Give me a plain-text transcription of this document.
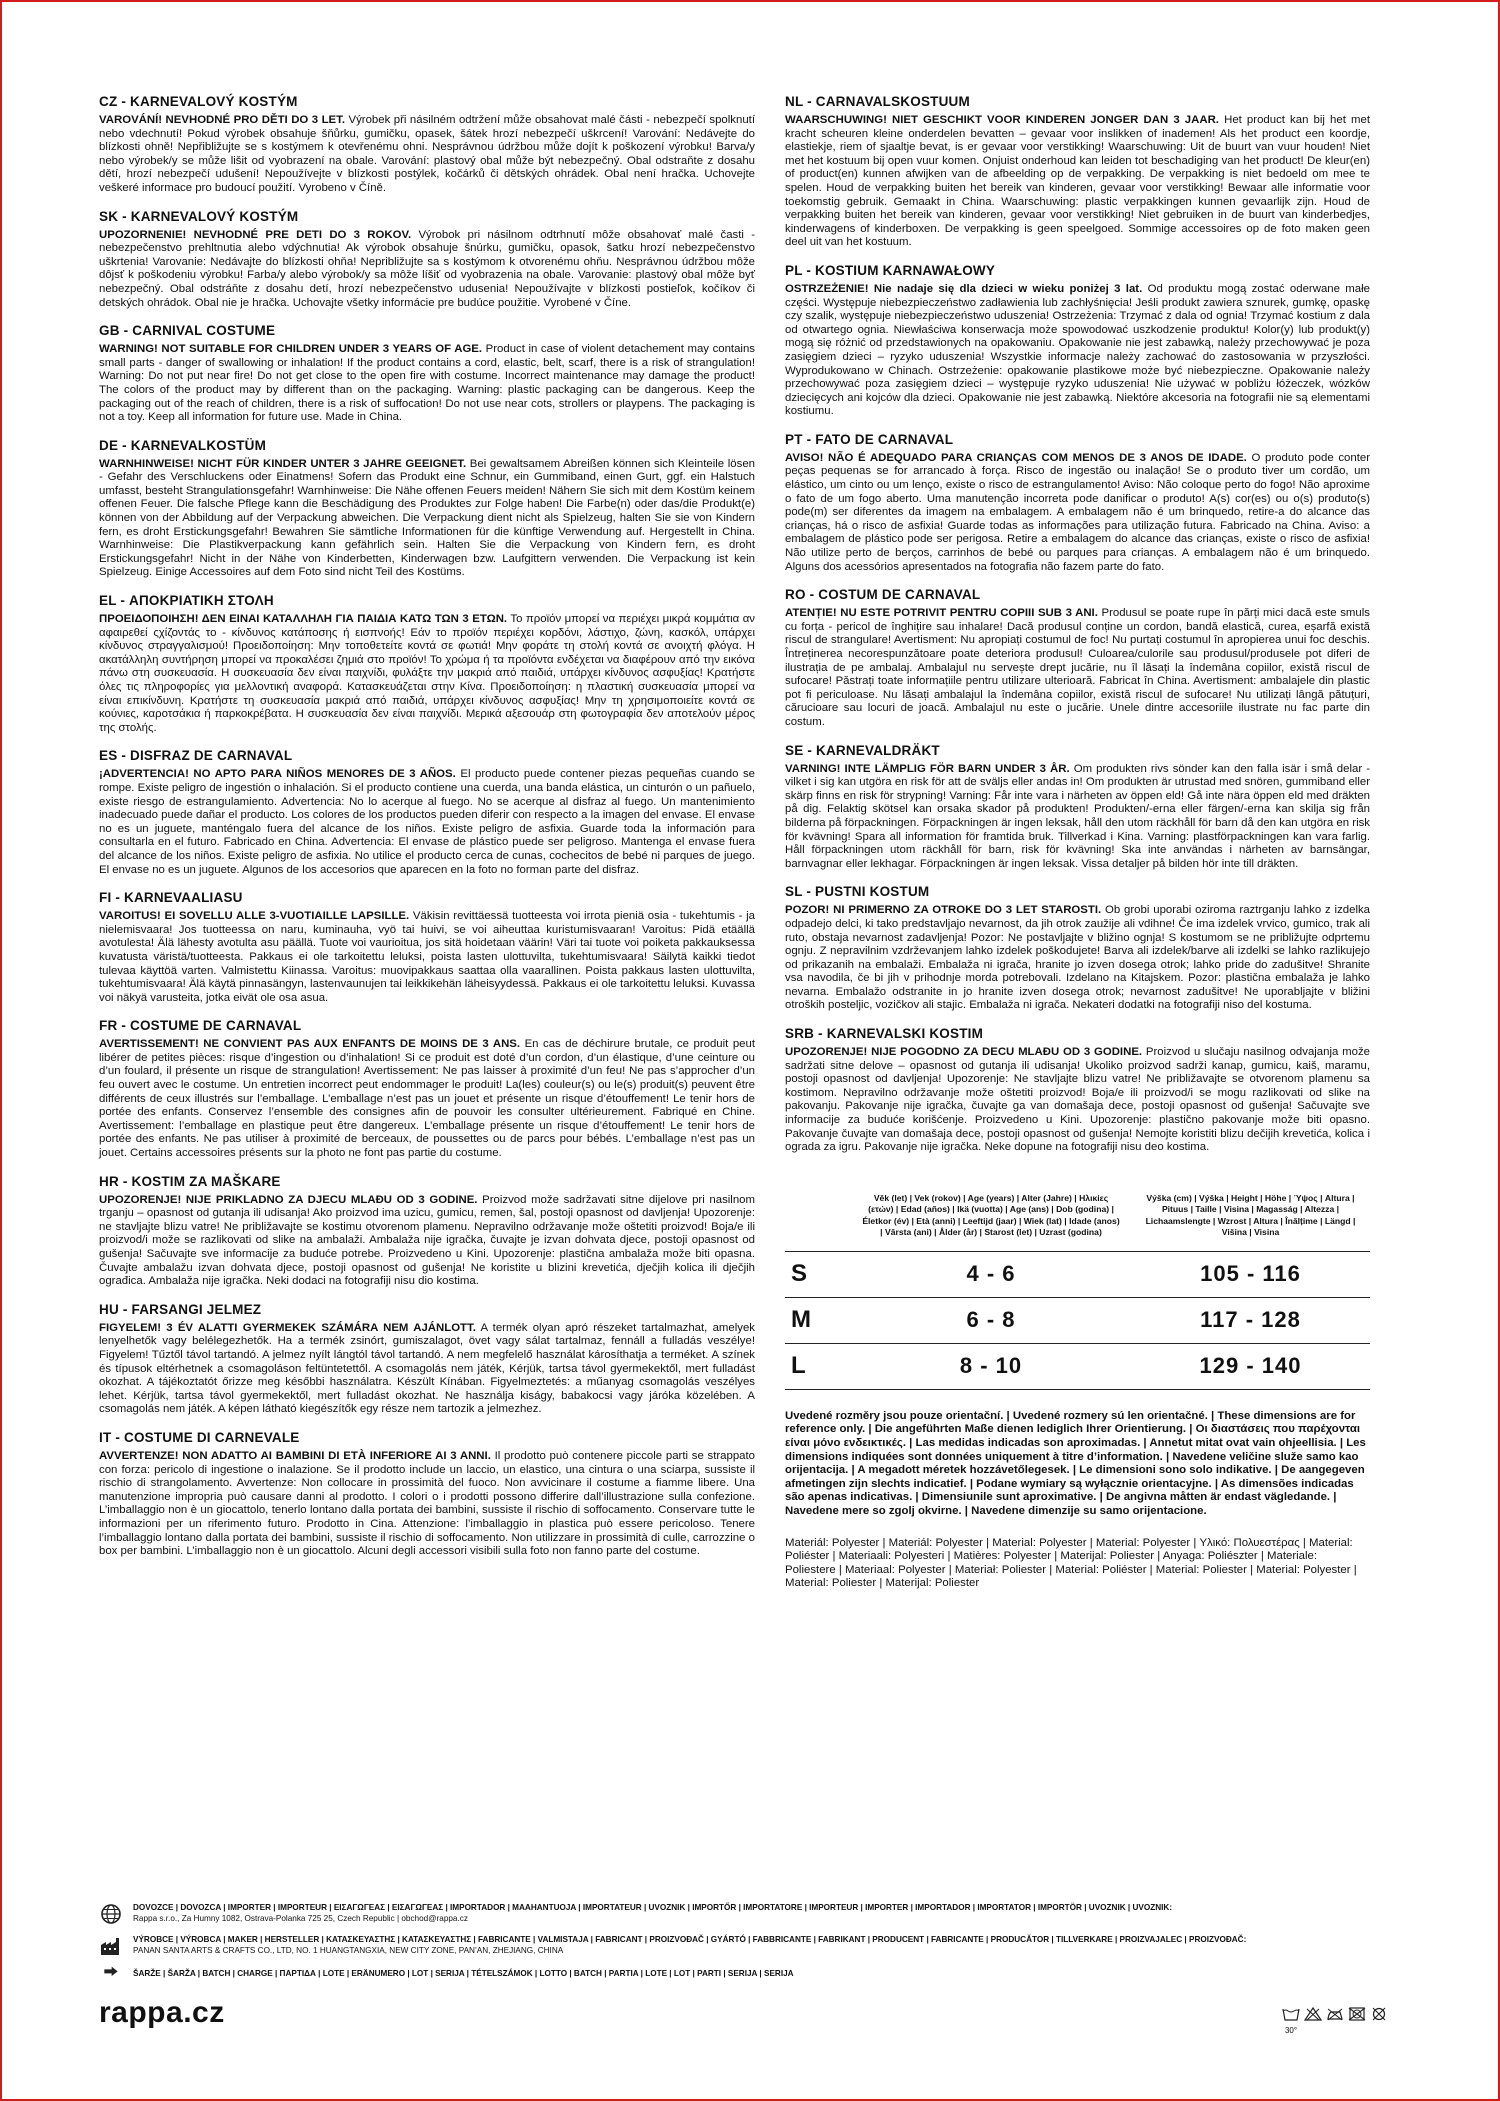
CZ - KARNEVALOVÝ KOSTÝM

VAROVÁNÍ! NEVHODNÉ PRO DĚTI DO 3 LET. Výrobek při násilném odtržení může obsahovat malé části - nebezpečí spolknutí nebo vdechnutí! Pokud výrobek obsahuje šňůrku, gumičku, opasek, šátek hrozí nebezpečí uškrcení! Varování: Nedávejte do blízkosti ohně! Nepřibližujte se s kostýmem k otevřenému ohni. Nesprávnou údržbou může dojít k poškození výrobku! Barva/y nebo výrobek/y se může lišit od vyobrazení na obale. Varování: plastový obal může být nebezpečný. Obal odstraňte z dosahu dětí, hrozí nebezpečí udušení! Nepoužívejte v blízkosti postýlek, kočárků či dětských ohrádek. Obal není hračka. Uchovejte veškeré informace pro budoucí použití. Vyrobeno v Číně.

SK - KARNEVALOVÝ KOSTÝM

UPOZORNENIE! NEVHODNÉ PRE DETI DO 3 ROKOV. Výrobok pri násilnom odtrhnutí môže obsahovať malé časti - nebezpečenstvo prehltnutia alebo vdýchnutia! Ak výrobok obsahuje šnúrku, gumičku, opasok, šatku hrozí nebezpečenstvo uškrtenia! Varovanie: Nedávajte do blízkosti ohňa! Nepribližujte sa s kostýmom k otvorenému ohňu. Nesprávnou údržbou môže dôjsť k poškodeniu výrobku! Farba/y alebo výrobok/y sa môže líšiť od vyobrazenia na obale. Varovanie: plastový obal môže byť nebezpečný. Obal odstráňte z dosahu detí, hrozí nebezpečenstvo udusenia! Nepoužívajte v blízkosti postieľok, kočíkov či detských ohrádok. Obal nie je hračka. Uchovajte všetky informácie pre budúce použitie. Vyrobené v Číne.

GB - CARNIVAL COSTUME

WARNING! NOT SUITABLE FOR CHILDREN UNDER 3 YEARS OF AGE. Product in case of violent detachement may contains small parts - danger of swallowing or inhalation! If the product contains a cord, elastic, belt, scarf, there is a risk of strangulation! Warning: Do not put near fire! Do not get close to the open fire with costume. Incorrect maintenance may damage the product! The colors of the product may by different than on the packaging. Warning: plastic packaging can be dangerous. Keep the packaging out of the reach of children, there is a risk of suffocation! Do not use near cots, strollers or playpens. The packaging is not a toy. Keep all information for future use. Made in China.

DE - KARNEVALKOSTÜM

WARNHINWEISE! NICHT FÜR KINDER UNTER 3 JAHRE GEEIGNET. Bei gewaltsamem Abreißen können sich Kleinteile lösen - Gefahr des Verschluckens oder Einatmens! Sofern das Produkt eine Schnur, ein Gummiband, einen Gurt, ggf. ein Halstuch umfasst, besteht Strangulationsgefahr! Warnhinweise: Die Nähe offenen Feuers meiden! Nähern Sie sich mit dem Kostüm keinem offenen Feuer. Die falsche Pflege kann die Beschädigung des Produktes zur Folge haben! Die Farbe(n) oder das/die Produkt(e) können von der Abbildung auf der Verpackung abweichen. Die Verpackung dient nicht als Spielzeug, halten Sie sie von Kindern fern, es droht Erstickungsgefahr! Bewahren Sie sämtliche Informationen für die künftige Verwendung auf. Hergestellt in China. Warnhinweise: Die Plastikverpackung kann gefährlich sein. Halten Sie die Verpackung von Kindern fern, es droht Erstickungsgefahr! Nicht in der Nähe von Kinderbetten, Kinderwagen bzw. Laufgittern verwenden. Die Verpackung ist kein Spielzeug. Einige Accessoires auf dem Foto sind nicht Teil des Kostüms.

EL - ΑΠΟΚΡΙΑΤΙΚΗ ΣΤΟΛΗ

ΠΡΟΕΙΔΟΠΟΙΗΣΗ! ΔΕΝ ΕΙΝΑΙ ΚΑΤΑΛΛΗΛΗ ΓΙΑ ΠΑΙΔΙΑ ΚΑΤΩ ΤΩΝ 3 ΕΤΩΝ. Το προϊόν μπορεί να περιέχει μικρά κομμάτια αν αφαιρεθεί ςχίζοντάς το - κίνδυνος κατάποσης ή εισπνοής! Εάν το προϊόν περιέχει κορδόνι, λάστιχο, ζώνη, κασκόλ, υπάρχει κίνδυνος στραγγαλισμού! Προειδοποίηση: Μην τοποθετείτε κοντά σε φωτιά! Μην φοράτε τη στολή κοντά σε ανοιχτή φλόγα. Η ακατάλληλη συντήρηση μπορεί να προκαλέσει ζημιά στο προϊόν! Το χρώμα ή τα προϊόντα ενδέχεται να διαφέρουν από την εικόνα πάνω στη συσκευασία. Η συσκευασία δεν είναι παιχνίδι, φυλάξτε την μακριά από παιδιά, υπάρχει κίνδυνος ασφυξίας! Κρατήστε όλες τις πληροφορίες για μελλοντική αναφορά. Κατασκευάζεται στην Κίνα. Προειδοποίηση: η πλαστική συσκευασία μπορεί να είναι επικίνδυνη. Κρατήστε τη συσκευασία μακριά από παιδιά, υπάρχει κίνδυνος ασφυξίας! Μην τη χρησιμοποιείτε κοντά σε κούνιες, καροτσάκια ή παρκοκρέβατα. Η συσκευασία δεν είναι παιχνίδι. Μερικά αξεσουάρ στη φωτογραφία δεν αποτελούν μέρος της στολής.

ES - DISFRAZ DE CARNAVAL

¡ADVERTENCIA! NO APTO PARA NIÑOS MENORES DE 3 AÑOS. El producto puede contener piezas pequeñas cuando se rompe. Existe peligro de ingestión o inhalación. Si el producto contiene una cuerda, una banda elástica, un cinturón o un pañuelo, existe riesgo de estrangulamiento. Advertencia: No lo acerque al fuego. No se acerque al disfraz al fuego. Un mantenimiento inadecuado puede dañar el producto. Los colores de los productos pueden diferir con respecto a la imagen del envase. El envase no es un juguete, manténgalo fuera del alcance de los niños. Existe peligro de asfixia. Guarde toda la información para consultarla en el futuro. Fabricado en China. Advertencia: El envase de plástico puede ser peligroso. Mantenga el envase fuera del alcance de los niños. Existe peligro de asfixia. No utilice el producto cerca de cunas, cochecitos de bebé ni parques de juego. El envase no es un juguete. Algunos de los accesorios que aparecen en la foto no forman parte del disfraz.

FI - KARNEVAALIASU

VAROITUS! EI SOVELLU ALLE 3-VUOTIAILLE LAPSILLE. Väkisin revittäessä tuotteesta voi irrota pieniä osia - tukehtumis - ja nielemisvaara! Jos tuotteessa on naru, kuminauha, vyö tai huivi, se voi aiheuttaa kuristumisvaaran! Varoitus: Pidä etäällä avotulesta! Älä lähesty avotulta asu päällä. Tuote voi vaurioitua, jos sitä hoidetaan väärin! Väri tai tuote voi poiketa pakkauksessa kuvatusta väristä/tuotteesta. Pakkaus ei ole tarkoitettu leluksi, poista lasten ulottuvilta, tukehtumisvaara! Säilytä kaikki tiedot tulevaa käyttöä varten. Valmistettu Kiinassa. Varoitus: muovipakkaus saattaa olla vaarallinen. Poista pakkaus lasten ulottuvilta, tukehtumisvaara! Älä käytä pinnasängyn, lastenvaunujen tai leikkikehän läheisyydessä. Pakkaus ei ole tarkoitettu leluksi. Kuvassa voi näkyä varusteita, jotka eivät ole osa asua.

FR - COSTUME DE CARNAVAL

AVERTISSEMENT! NE CONVIENT PAS AUX ENFANTS DE MOINS DE 3 ANS. En cas de déchirure brutale, ce produit peut libérer de petites pièces: risque d’ingestion ou d’inhalation! Si ce produit est doté d’un cordon, d’un élastique, d’une ceinture ou d’un foulard, il présente un risque de strangulation! Avertissement: Ne pas laisser à proximité d’un feu! Ne pas s’approcher d’un feu ouvert avec le costume. Un entretien incorrect peut endommager le produit! La(les) couleur(s) ou le(s) produit(s) peuvent être différents de ceux illustrés sur l’emballage. L’emballage n’est pas un jouet et présente un risque d’étouffement! Le tenir hors de portée des enfants. Conservez l’ensemble des consignes afin de pouvoir les consulter ultérieurement. Fabriqué en Chine. Avertissement: l’emballage en plastique peut être dangereux. L’emballage présente un risque d’étouffement! Le tenir hors de portée des enfants. Ne pas utiliser à proximité de berceaux, de poussettes ou de parcs pour bébés. L’emballage n’est pas un jouet. Certains accessoires présents sur la photo ne font pas partie du costume.

HR - KOSTIM ZA MAŠKARE

UPOZORENJE! NIJE PRIKLADNO ZA DJECU MLAĐU OD 3 GODINE. Proizvod može sadržavati sitne dijelove pri nasilnom trganju – opasnost od gutanja ili udisanja! Ako proizvod ima uzicu, gumicu, remen, šal, postoji opasnost od davljenja! Upozorenje: ne stavljajte blizu vatre! Ne približavajte se kostimu otvorenom plamenu. Nepravilno održavanje može oštetiti proizvod! Boja/e ili proizvod/i može se razlikovati od slike na ambalaži. Ambalaža nije igračka, čuvajte je izvan dohvata djece, postoji opasnost od gušenja! Sačuvajte sve informacije za buduće potrebe. Proizvedeno u Kini. Upozorenje: plastična ambalaža može biti opasna. Čuvajte ambalažu izvan dohvata djece, postoji opasnost od gušenja! Ne koristite u blizini krevetića, dječjih kolica ili dječjih ograđica. Ambalaža nije igračka. Neki dodaci na fotografiji nisu dio kostima.

HU - FARSANGI JELMEZ

FIGYELEM! 3 ÉV ALATTI GYERMEKEK SZÁMÁRA NEM AJÁNLOTT. A termék olyan apró részeket tartalmazhat, amelyek lenyelhetők vagy belélegezhetők. Ha a termék zsinórt, gumiszalagot, övet vagy sálat tartalmaz, fennáll a fulladás veszélye! Figyelem! Tűztől távol tartandó. A jelmez nyílt lángtól távol tartandó. A nem megfelelő használat károsíthatja a terméket. A színek és típusok eltérhetnek a csomagoláson feltüntetettől. A csomagolás nem játék, Kérjük, tartsa távol gyermekektől, mert fulladást okozhat. A tájékoztatót őrizze meg későbbi használatra. Készült Kínában. Figyelmeztetés: a műanyag csomagolás veszélyes lehet. Kérjük, tartsa távol gyermekektől, mert fulladást okozhat. Ne használja kiságy, babakocsi vagy járóka közelében. A csomagolás nem játék. A képen látható kiegészítők egy része nem tartozik a jelmezhez.

IT - COSTUME DI CARNEVALE

AVVERTENZE! NON ADATTO AI BAMBINI DI ETÀ INFERIORE AI 3 ANNI. Il prodotto può contenere piccole parti se strappato con forza: pericolo di ingestione o inalazione. Se il prodotto include un laccio, un elastico, una cintura o una sciarpa, sussiste il rischio di strangolamento. Avvertenze: Non collocare in prossimità del fuoco. Non avvicinare il costume a fiamme libere. Una manutenzione impropria può causare danni al prodotto. I colori o i prodotti possono differire dall’illustrazione sulla confezione. L’imballaggio non è un giocattolo, tenerlo lontano dalla portata dei bambini, sussiste il rischio di soffocamento. Conservare tutte le informazioni per un riferimento futuro. Prodotto in Cina. Attenzione: l’imballaggio in plastica può essere pericoloso. Tenere l’imballaggio lontano dalla portata dei bambini, sussiste il rischio di soffocamento. Non utilizzare in prossimità di culle, carrozzine o box per bambini. L’imballaggio non è un giocattolo. Alcuni degli accessori visibili sulla foto non fanno parte del costume.

NL - CARNAVALSKOSTUUM

WAARSCHUWING! NIET GESCHIKT VOOR KINDEREN JONGER DAN 3 JAAR. Het product kan bij het met kracht scheuren kleine onderdelen bevatten – gevaar voor inslikken of inademen! Als het product een koordje, elastiekje, riem of sjaaltje bevat, is er gevaar voor verstikking! Waarschuwing: Uit de buurt van vuur houden! Niet met het kostuum bij open vuur komen. Onjuist onderhoud kan leiden tot beschadiging van het product! De kleur(en) of product(en) kunnen afwijken van de afbeelding op de verpakking. De verpakking is niet bedoeld om mee te spelen. Houd de verpakking buiten het bereik van kinderen, gevaar voor verstikking! Bewaar alle informatie voor toekomstig gebruik. Gemaakt in China. Waarschuwing: plastic verpakkingen kunnen gevaarlijk zijn. Houd de verpakking buiten het bereik van kinderen, gevaar voor verstikking! Niet gebruiken in de buurt van kinderbedjes, kinderwagens of kinderboxen. De verpakking is geen speelgoed. Sommige accessoires op de foto maken geen deel uit van het kostuum.

PL - KOSTIUM KARNAWAŁOWY

OSTRZEŻENIE! Nie nadaje się dla dzieci w wieku poniżej 3 lat. Od produktu mogą zostać oderwane małe części. Występuje niebezpieczeństwo zadławienia lub zachłyśnięcia! Jeśli produkt zawiera sznurek, gumkę, opaskę czy szalik, występuje niebezpieczeństwo uduszenia! Ostrzeżenia: Trzymać z dala od ognia! Trzymać kostium z dala od otwartego ognia. Niewłaściwa konserwacja może spowodować uszkodzenie produktu! Kolor(y) lub produkt(y) mogą się różnić od przedstawionych na opakowaniu. Opakowanie nie jest zabawką, należy przechowywać je poza zasięgiem dzieci – ryzyko uduszenia! Wszystkie informacje należy zachować do zastosowania w przyszłości. Wyprodukowano w Chinach. Ostrzeżenie: opakowanie plastikowe może być niebezpieczne. Opakowanie należy przechowywać poza zasięgiem dzieci – występuje ryzyko uduszenia! Nie używać w pobliżu łóżeczek, wózków dziecięcych ani kojców dla dzieci. Opakowanie nie jest zabawką. Niektóre akcesoria na fotografii nie są elementami kostiumu.

PT - FATO DE CARNAVAL

AVISO! NÃO É ADEQUADO PARA CRIANÇAS COM MENOS DE 3 ANOS DE IDADE. O produto pode conter peças pequenas se for arrancado à força. Risco de ingestão ou inalação! Se o produto tiver um cordão, um elástico, um cinto ou um lenço, existe o risco de estrangulamento! Aviso: Não coloque perto do fogo! Não aproxime o fato de um fogo aberto. Uma manutenção incorreta pode danificar o produto! A(s) cor(es) ou o(s) produto(s) pode(m) ser diferentes da imagem na embalagem. A embalagem não é um brinquedo, retire-a do alcance das crianças, há o risco de asfixia! Guarde todas as informações para utilização futura. Fabricado na China. Aviso: a embalagem de plástico pode ser perigosa. Retire a embalagem do alcance das crianças, existe o risco de asfixia! Não utilize perto de berços, carrinhos de bebé ou parques para crianças. A embalagem não é um brinquedo. Alguns dos acessórios apresentados na fotografia não fazem parte do fato.

RO - COSTUM DE CARNAVAL

ATENȚIE! NU ESTE POTRIVIT PENTRU COPIII SUB 3 ANI. Produsul se poate rupe în părți mici dacă este smuls cu forța - pericol de înghițire sau inhalare! Dacă produsul conține un cordon, bandă elastică, curea, eșarfă există riscul de strangulare! Avertisment: Nu apropiați costumul de foc! Nu purtați costumul în apropierea unui foc deschis. Întreținerea necorespunzătoare poate deteriora produsul! Culoarea/culorile sau produsul/produsele pot diferi de ilustrația de pe ambalaj. Ambalajul nu servește drept jucărie, nu îl lăsați la îndemâna copiilor, există riscul de sufocare! Păstrați toate informațiile pentru utilizare ulterioară. Fabricat în China. Avertisment: ambalajele din plastic pot fi periculoase. Nu lăsați ambalajul la îndemâna copiilor, există riscul de sufocare! Nu utilizați lângă pătuțuri, cărucioare sau locuri de joacă. Ambalajul nu este o jucărie. Unele dintre accesoriile ilustrate nu fac parte din costum.

SE - KARNEVALDRÄKT

VARNING! INTE LÄMPLIG FÖR BARN UNDER 3 ÅR. Om produkten rivs sönder kan den falla isär i små delar - vilket i sig kan utgöra en risk för att de sväljs eller andas in! Om produkten är utrustad med snören, gummiband eller skärp finns en risk för strypning! Varning: Får inte vara i närheten av öppen eld! Gå inte nära öppen eld med dräkten på dig. Felaktig skötsel kan orsaka skador på produkten! Produkten/-erna eller färgen/-erna kan skilja sig från bilderna på förpackningen. Förpackningen är ingen leksak, håll den utom räckhåll för barn då den kan utgöra en risk för kvävning! Spara all information för framtida bruk. Tillverkad i Kina. Varning: plastförpackningen kan vara farlig. Håll förpackningen utom räckhåll för barn, risk för kvävning! Ska inte användas i närheten av barnsängar, barnvagnar eller lekhagar. Förpackningen är ingen leksak. Vissa detaljer på bilden hör inte till dräkten.

SL - PUSTNI KOSTUM

POZOR! NI PRIMERNO ZA OTROKE DO 3 LET STAROSTI. Ob grobi uporabi oziroma raztrganju lahko z izdelka odpadejo delci, ki tako predstavljajo nevarnost, da jih otrok zaužije ali vdihne! Če ima izdelek vrvico, gumico, trak ali ruto, obstaja nevarnost zadavljenja! Pozor: Ne postavljajte v bližino ognja! S kostumom se ne približujte odprtemu ognju. Z nepravilnim vzdrževanjem lahko izdelek poškodujete! Barva ali izdelek/barve ali izdelki se lahko razlikujejo od prikazanih na embalaži. Embalaža ni igrača, hranite jo izven dosega otrok; lahko pride do zadušitve! Shranite vsa navodila, če bi jih v prihodnje morda potrebovali. Izdelano na Kitajskem. Pozor: plastična embalaža je lahko nevarna. Embalažo odstranite in jo hranite izven dosega otrok; nevarnost zadušitve! Ne uporabljajte v bližini otroških posteljic, vozičkov ali stajic. Embalaža ni igrača. Nekateri dodatki na fotografiji niso del kostuma.

SRB - KARNEVALSKI KOSTIM

UPOZORENJE! NIJE POGODNO ZA DECU MLAĐU OD 3 GODINE. Proizvod u slučaju nasilnog odvajanja može sadržati sitne delove – opasnost od gutanja ili udisanja! Ukoliko proizvod sadrži kanap, gumicu, kaiš, maramu, postoji opasnost od davljenja! Upozorenje: Ne stavljajte blizu vatre! Ne približavajte se otvorenom plamenu sa kostimom. Nepravilno održavanje može oštetiti proizvod! Boja/e ili proizvod/i se mogu razlikovati od slike na pakovanju. Pakovanje nije igračka, čuvajte ga van domašaja dece, postoji opasnost od gušenja! Sačuvajte sve informacije za buduće korišćenje. Proizvedeno u Kini. Upozorenje: plastično pakovanje može biti opasno. Pakovanje čuvajte van domašaja dece, postoji opasnost od gušenja! Nemojte koristiti blizu dečijih krevetića, kolica i ograda za igru. Pakovanje nije igračka. Neke dopune na fotografiji nisu deo kostima.

	Věk (let) | Vek (rokov) | Age (years) | Alter (Jahre) | Ηλικίες (ετών) | Edad (años) | Ikä (vuotta) | Age (ans) | Dob (godina) | Életkor (év) | Età (anni) | Leeftijd (jaar) | Wiek (lat) | Idade (anos) | Vârsta (ani) | Ålder (år) | Starost (let) | Uzrast (godina)	Výška (cm) | Výška | Height | Höhe | Ύψος | Altura | Pituus | Taille | Visina | Magasság | Altezza | Lichaamslengte | Wzrost | Altura | Înălțime | Längd | Višina | Visina
S	4 - 6	105 - 116
M	6 - 8	117 - 128
L	8 - 10	129 - 140
Uvedené rozměry jsou pouze orientační. | Uvedené rozmery sú len orientačné. | These dimensions are for reference only. | Die angeführten Maße dienen lediglich Ihrer Orientierung. | Οι διαστάσεις που παρέχονται είναι μόνο ενδεικτικές. | Las medidas indicadas son aproximadas. | Annetut mitat ovat vain ohjeellisia. | Les dimensions indiquées sont données uniquement à titre d’information. | Navedene veličine služe samo kao orijentacija. | A megadott méretek hozzávetőlegesek. | Le dimensioni sono solo indikative. | De aangegeven afmetingen zijn slechts indicatief. | Podane wymiary są wyłącznie orientacyjne. | As dimensões indicadas são apenas indicativas. | Dimensiunile sunt aproximative. | De angivna måtten är endast vägledande. | Navedene mere so zgolj okvirne. | Navedene dimenzije su samo orijentacione.
Materiál: Polyester | Materiál: Polyester | Material: Polyester | Material: Polyester | Υλικό: Πολυεστέρας | Material: Poliéster | Materiaali: Polyesteri | Matières: Polyester | Materijal: Poliester | Anyaga: Poliészter | Materiale: Poliestere | Materiaal: Polyester | Materiał: Poliester | Material: Poliéster | Material: Poliester | Material: Polyester | Material: Poliester | Materijal: Poliester
DOVOZCE | DOVOZCA | IMPORTER | IMPORTEUR | ΕΙΣΑΓΩΓΕΑΣ | ΕΙΣΑΓΩΓΕΑΣ | IMPORTADOR | MAAHANTUOJA | IMPORTATEUR | UVOZNIK | IMPORTŐR | IMPORTATORE | IMPORTEUR | IMPORTER | IMPORTADOR | IMPORTATOR | IMPORTÖR | UVOZNIK | UVOZNIK:
Rappa s.r.o., Za Humny 1082, Ostrava-Polanka 725 25, Czech Republic | obchod@rappa.cz
VÝROBCE | VÝROBCA | MAKER | HERSTELLER | ΚΑΤΑΣΚΕΥΑΣΤΗΣ | ΚΑΤΑΣΚΕΥΑΣΤΗΣ | FABRICANTE | VALMISTAJA | FABRICANT | PROIZVOĐAČ | GYÁRTÓ | FABBRICANTE | FABRIKANT | PRODUCENT | FABRICANTE | PRODUCĂTOR | TILLVERKARE | PROIZVAJALEC | PROIZVOĐAČ:
PANAN SANTA ARTS & CRAFTS CO., LTD, NO. 1 HUANGTANGXIA, NEW CITY ZONE, PAN’AN, ZHEJIANG, CHINA
ŠARŽE | ŠARŽA | BATCH | CHARGE | ΠΑΡΤΙΔΑ | LOTE | ERÄNUMERO | LOT | SERIJA | TÉTELSZÁMOK | LOTTO | BATCH | PARTIA | LOTE | LOT | PARTI | SERIJA | SERIJA
rappa.cz
30°
